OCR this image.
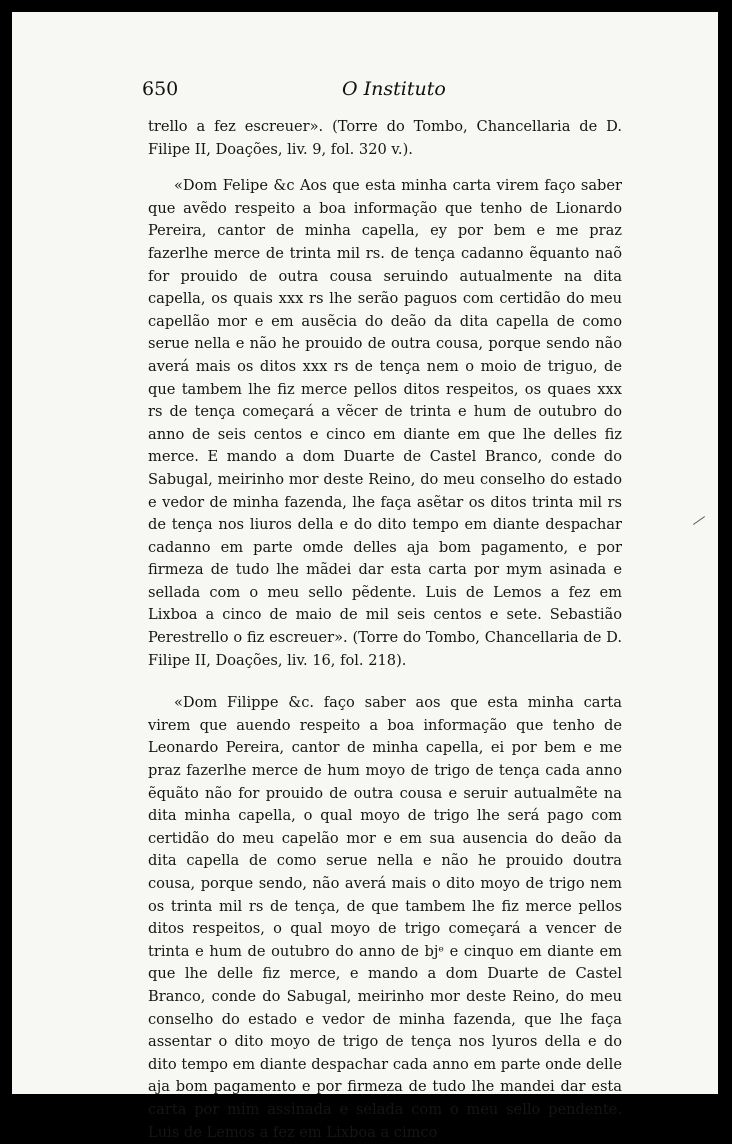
650	O Instituto

trello a fez escreuer». (Torre do Tombo, Chancellaria de D. Filipe II, Doações, liv. 9, fol. 320 v.).

«Dom Felipe &c Aos que esta minha carta virem faço saber que avẽdo respeito a boa informação que tenho de Lionardo Pereira, cantor de minha capella, ey por bem e me praz fazerlhe merce de trinta mil rs. de tença cadanno ẽquanto naõ for prouido de outra cousa seruindo autualmente na dita capella, os quais xxx rs lhe serão paguos com certidão do meu capellão mor e em ausẽcia do deão da dita capella de como serue nella e não he prouido de outra cousa, porque sendo não averá mais os ditos xxx rs de tença nem o moio de triguo, de que tambem lhe fiz merce pellos ditos respeitos, os quaes xxx rs de tença começará a vẽcer de trinta e hum de outubro do anno de seis centos e cinco em diante em que lhe delles fiz merce. E mando a dom Duarte de Castel Branco, conde do Sabugal, meirinho mor deste Reino, do meu conselho do estado e vedor de minha fazenda, lhe faça asẽtar os ditos trinta mil rs de tença nos liuros della e do dito tempo em diante despachar cadanno em parte omde delles aja bom pagamento, e por firmeza de tudo lhe mãdei dar esta carta por mym asinada e sellada com o meu sello pẽdente. Luis de Lemos a fez em Lixboa a cinco de maio de mil seis centos e sete. Sebastião Perestrello o fiz escreuer». (Torre do Tombo, Chancellaria de D. Filipe II, Doações, liv. 16, fol. 218).

«Dom Filippe &c. faço saber aos que esta minha carta virem que auendo respeito a boa informação que tenho de Leonardo Pereira, cantor de minha capella, ei por bem e me praz fazerlhe merce de hum moyo de trigo de tença cada anno ẽquãto não for prouido de outra cousa e seruir autualmẽte na dita minha capella, o qual moyo de trigo lhe será pago com certidão do meu capelão mor e em sua ausencia do deão da dita capella de como serue nella e não he prouido doutra cousa, porque sendo, não averá mais o dito moyo de trigo nem os trinta mil rs de tença, de que tambem lhe fiz merce pellos ditos respeitos, o qual moyo de trigo começará a vencer de trinta e hum de outubro do anno de bjᵉ e cinquo em diante em que lhe delle fiz merce, e mando a dom Duarte de Castel Branco, conde do Sabugal, meirinho mor deste Reino, do meu conselho do estado e vedor de minha fazenda, que lhe faça assentar o dito moyo de trigo de tença nos lyuros della e do dito tempo em diante despachar cada anno em parte onde delle aja bom pagamento e por firmeza de tudo lhe mandei dar esta carta por mim assinada e selada com o meu sello pendente. Luis de Lemos a fez em Lixboa a cimco
